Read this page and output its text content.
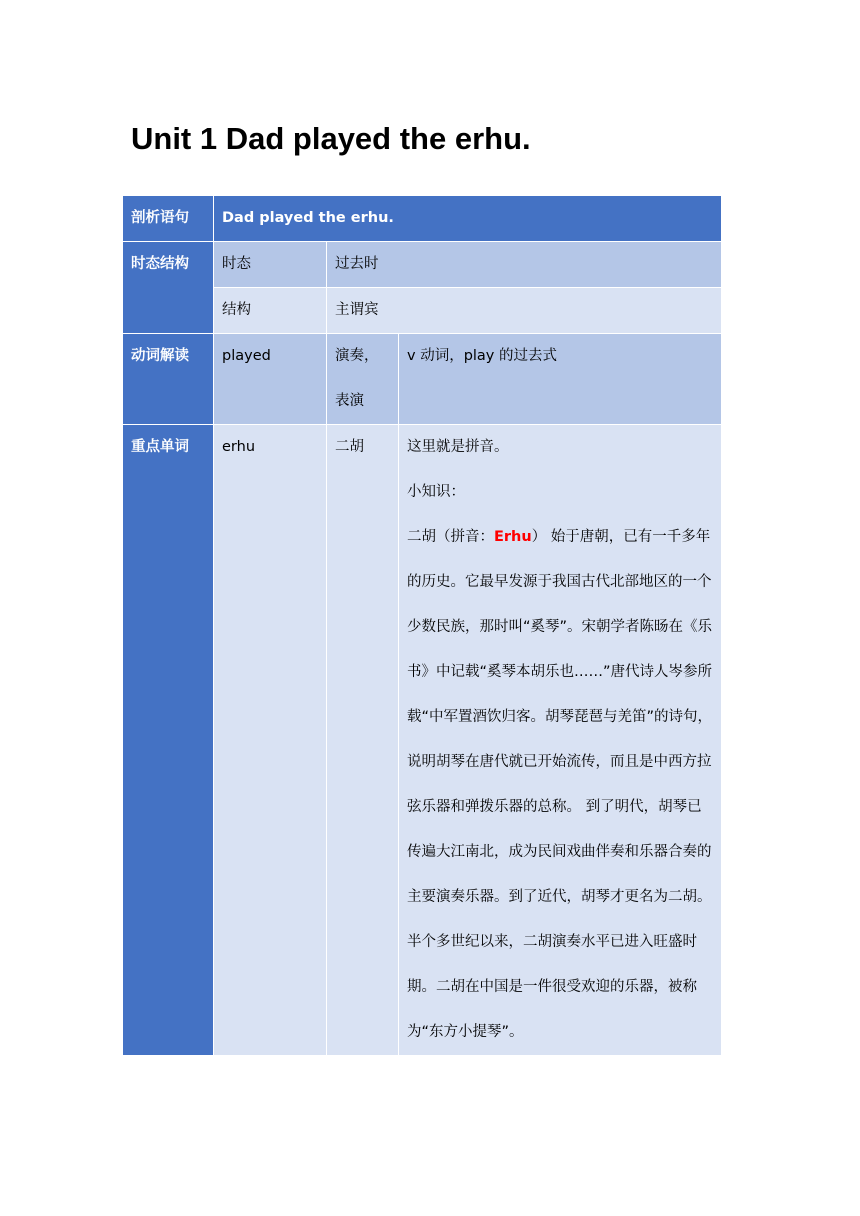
Unit 1 Dad played the erhu.
剖析语句	Dad played the erhu.		
时态结构	时态	过去时	
	结构	主谓宾	
动词解读	played	演奏，表演	v 动词，play 的过去式
重点单词	erhu	二胡	这里就是拼音。
小知识：
二胡（拼音：Erhu） 始于唐朝，已有一千多年的历史。它最早发源于我国古代北部地区的一个少数民族，那时叫“奚琴”。宋朝学者陈旸在《乐书》中记载“奚琴本胡乐也……”唐代诗人岑参所载“中军置酒饮归客。胡琴琵琶与羌笛”的诗句，说明胡琴在唐代就已开始流传，而且是中西方拉弦乐器和弹拨乐器的总称。 到了明代，胡琴已传遍大江南北，成为民间戏曲伴奏和乐器合奏的主要演奏乐器。到了近代，胡琴才更名为二胡。半个多世纪以来，二胡演奏水平已进入旺盛时期。二胡在中国是一件很受欢迎的乐器，被称为“东方小提琴”。
